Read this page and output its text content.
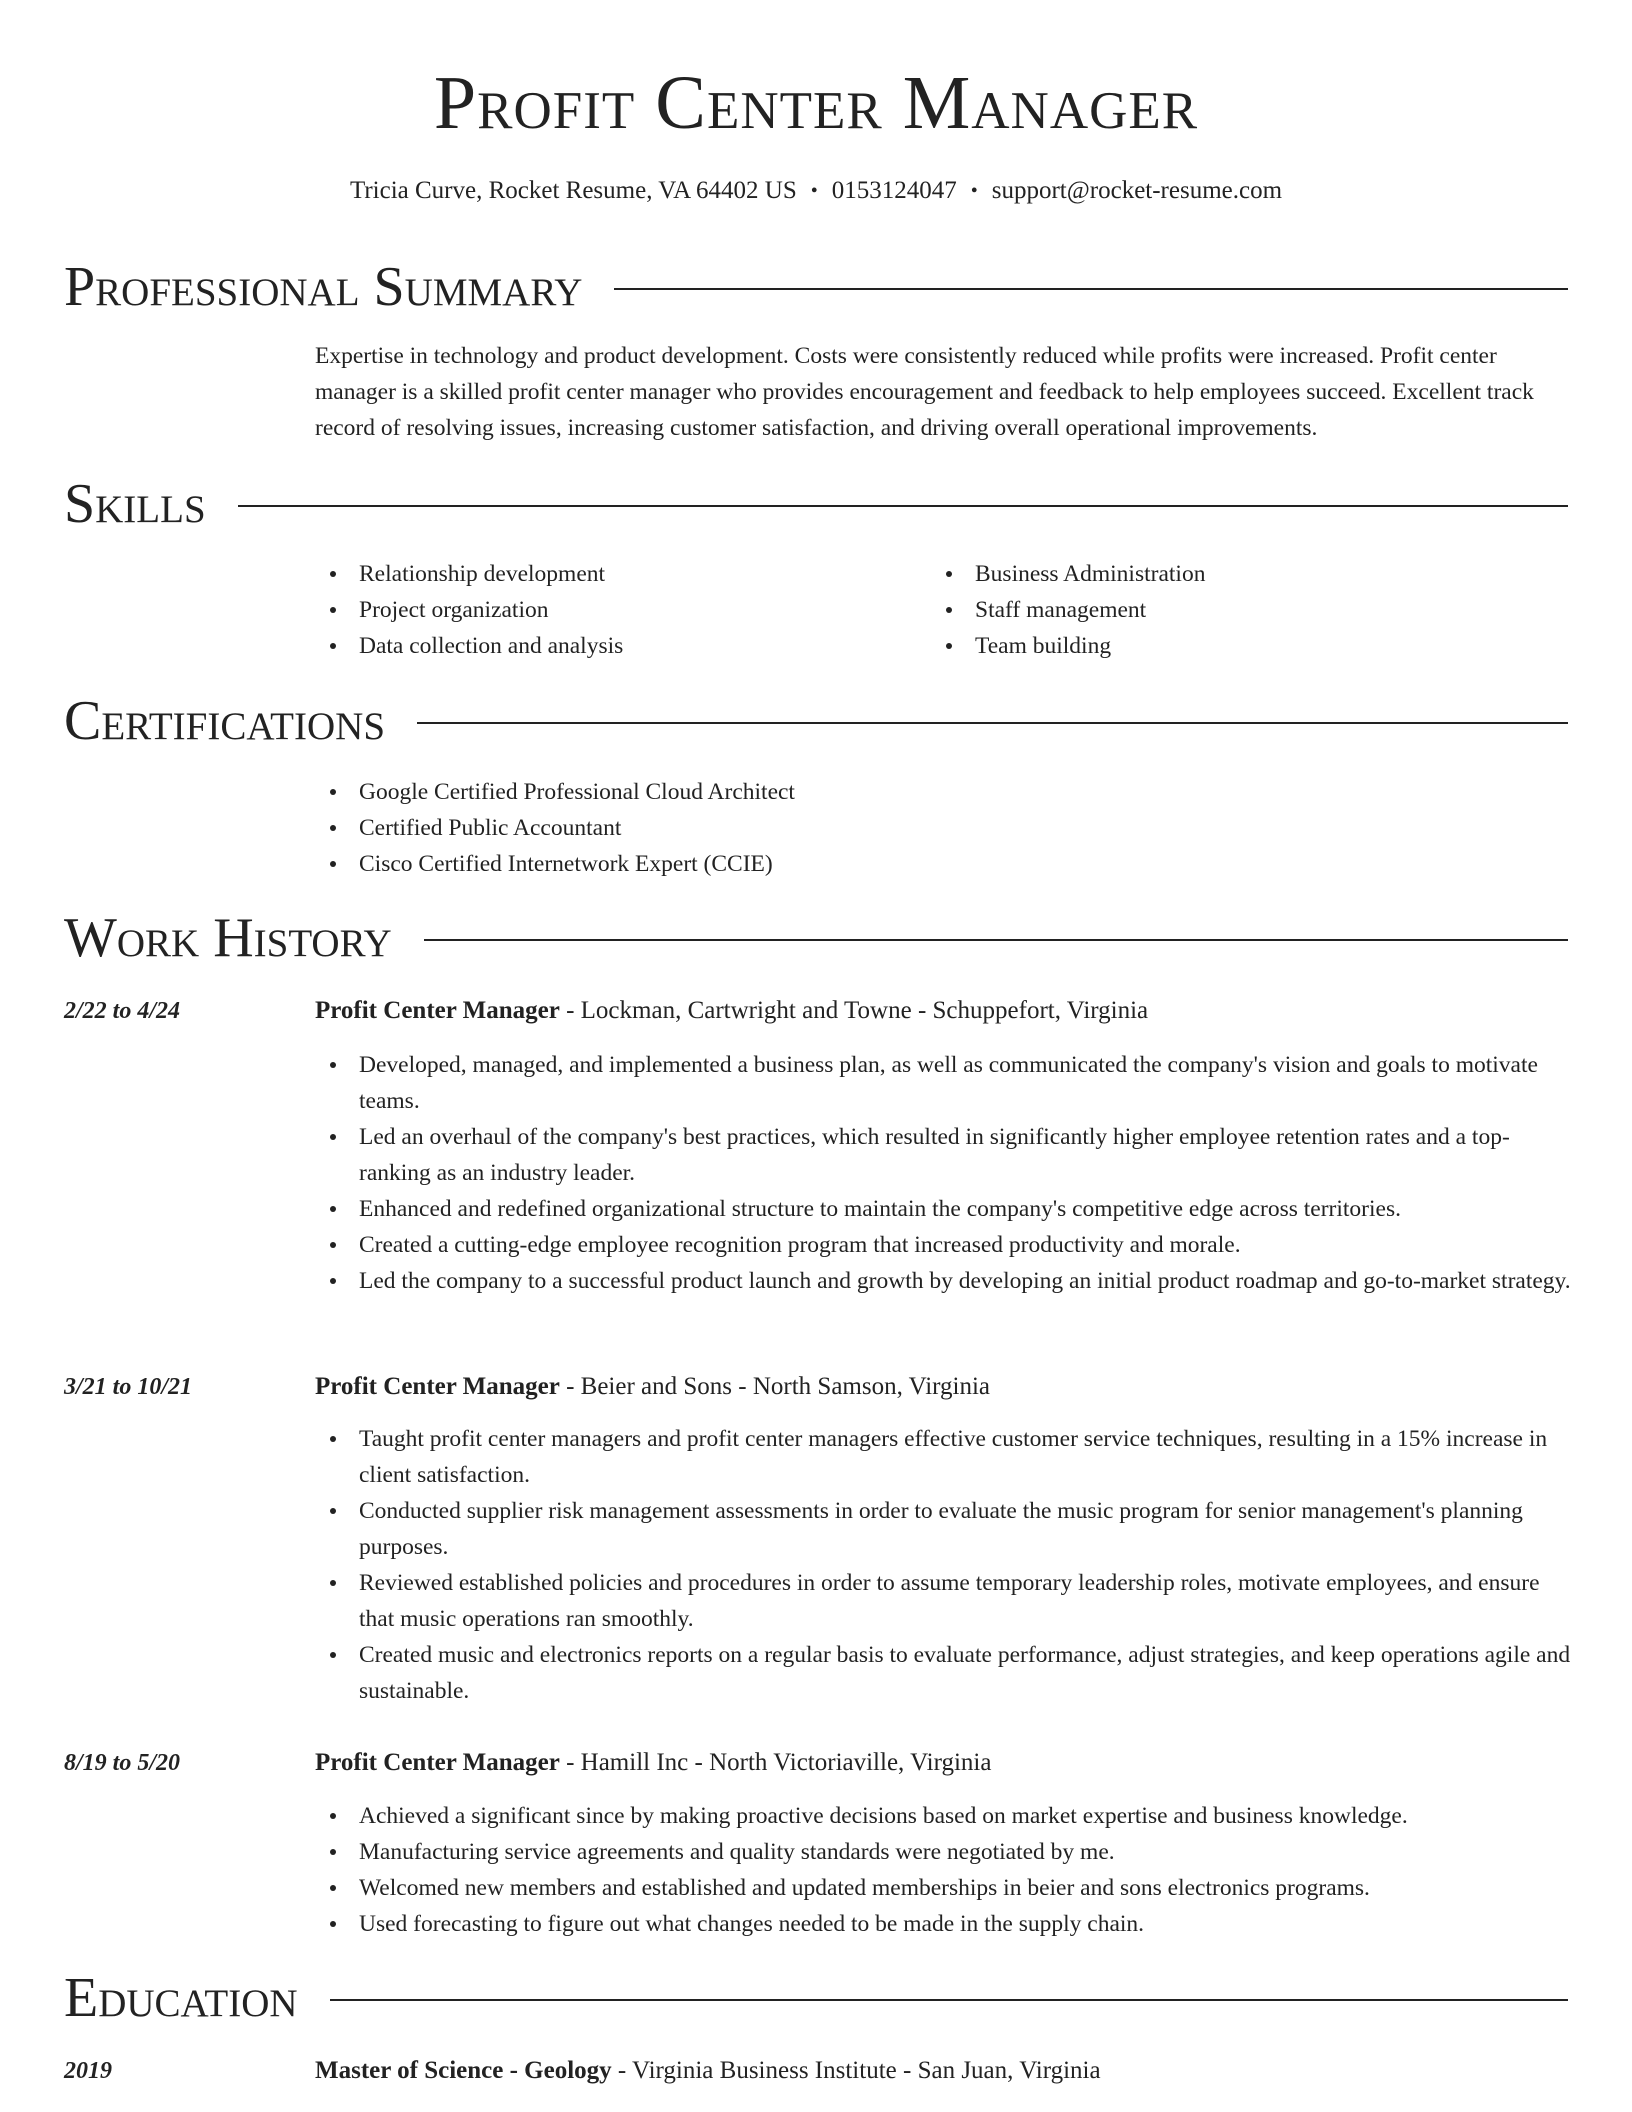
Profit Center Manager
Tricia Curve, Rocket Resume, VA 64402 US • 0153124047 • support@rocket-resume.com
Professional Summary

Expertise in technology and product development. Costs were consistently reduced while profits were increased. Profit center manager is a skilled profit center manager who provides encouragement and feedback to help employees succeed. Excellent track record of resolving issues, increasing customer satisfaction, and driving overall operational improvements.

Skills
Relationship development
Project organization
Data collection and analysis
Business Administration
Staff management
Team building
Certifications
Google Certified Professional Cloud Architect
Certified Public Accountant
Cisco Certified Internetwork Expert (CCIE)
Work History
2/22 to 4/24	Profit Center Manager - Lockman, Cartwright and Towne - Schuppefort, Virginia
Developed, managed, and implemented a business plan, as well as communicated the company's vision and goals to motivate teams.
Led an overhaul of the company's best practices, which resulted in significantly higher employee retention rates and a top-ranking as an industry leader.
Enhanced and redefined organizational structure to maintain the company's competitive edge across territories.
Created a cutting-edge employee recognition program that increased productivity and morale.
Led the company to a successful product launch and growth by developing an initial product roadmap and go-to-market strategy.
3/21 to 10/21	Profit Center Manager - Beier and Sons - North Samson, Virginia
Taught profit center managers and profit center managers effective customer service techniques, resulting in a 15% increase in client satisfaction.
Conducted supplier risk management assessments in order to evaluate the music program for senior management's planning purposes.
Reviewed established policies and procedures in order to assume temporary leadership roles, motivate employees, and ensure that music operations ran smoothly.
Created music and electronics reports on a regular basis to evaluate performance, adjust strategies, and keep operations agile and sustainable.
8/19 to 5/20	Profit Center Manager - Hamill Inc - North Victoriaville, Virginia
Achieved a significant since by making proactive decisions based on market expertise and business knowledge.
Manufacturing service agreements and quality standards were negotiated by me.
Welcomed new members and established and updated memberships in beier and sons electronics programs.
Used forecasting to figure out what changes needed to be made in the supply chain.
Education
2019	Master of Science - Geology - Virginia Business Institute - San Juan, Virginia
